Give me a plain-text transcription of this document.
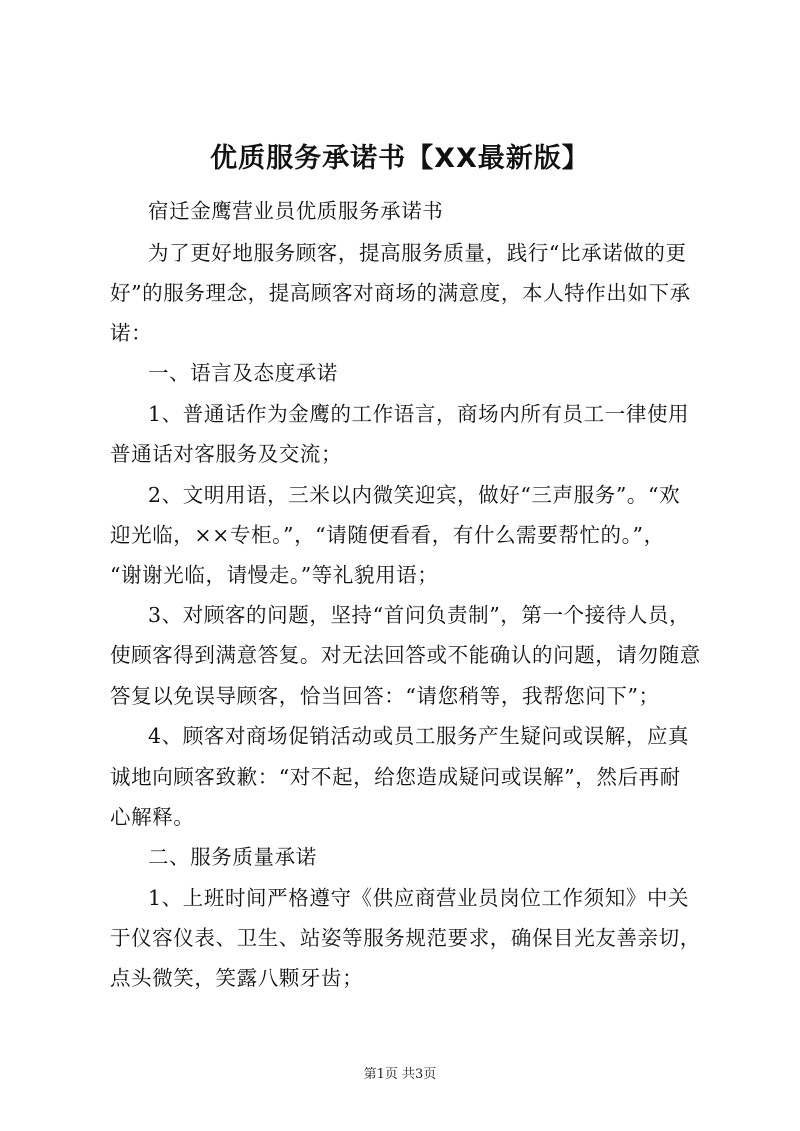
优质服务承诺书【XX最新版】
宿迁金鹰营业员优质服务承诺书
为了更好地服务顾客，提高服务质量，践行“比承诺做的更
好”的服务理念，提高顾客对商场的满意度，本人特作出如下承
诺：
一、语言及态度承诺
1、普通话作为金鹰的工作语言，商场内所有员工一律使用
普通话对客服务及交流；
2、文明用语，三米以内微笑迎宾，做好“三声服务”。“欢
迎光临，××专柜。”，“请随便看看，有什么需要帮忙的。”，
“谢谢光临，请慢走。”等礼貌用语；
3、对顾客的问题，坚持“首问负责制”，第一个接待人员，
使顾客得到满意答复。对无法回答或不能确认的问题，请勿随意
答复以免误导顾客，恰当回答：“请您稍等，我帮您问下”；
4、顾客对商场促销活动或员工服务产生疑问或误解，应真
诚地向顾客致歉：“对不起，给您造成疑问或误解”，然后再耐
心解释。
二、服务质量承诺
1、上班时间严格遵守《供应商营业员岗位工作须知》中关
于仪容仪表、卫生、站姿等服务规范要求，确保目光友善亲切，
点头微笑，笑露八颗牙齿；
第1页 共3页
